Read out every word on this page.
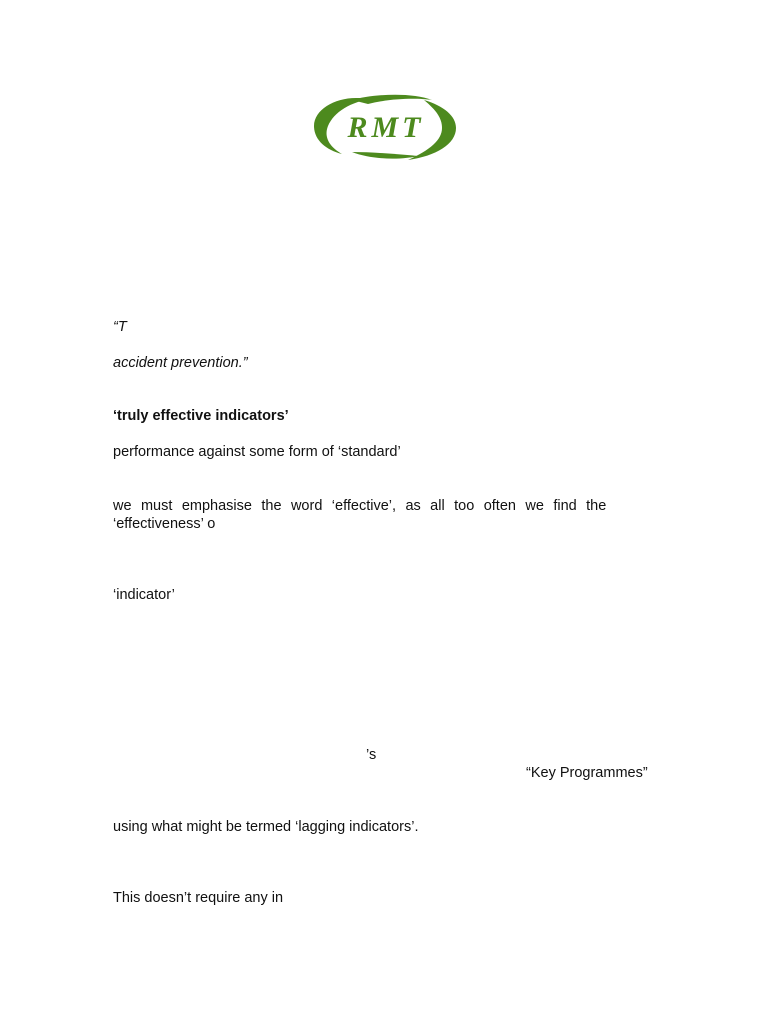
RMT

“T

accident prevention.”

‘truly effective indicators’

performance against some form of ‘standard’

we must emphasise the word ‘effective’, as all too often we find the

‘effectiveness’ o

‘indicator’

’s

“Key Programmes”

using what might be termed ‘lagging indicators’.

This doesn’t require any in
